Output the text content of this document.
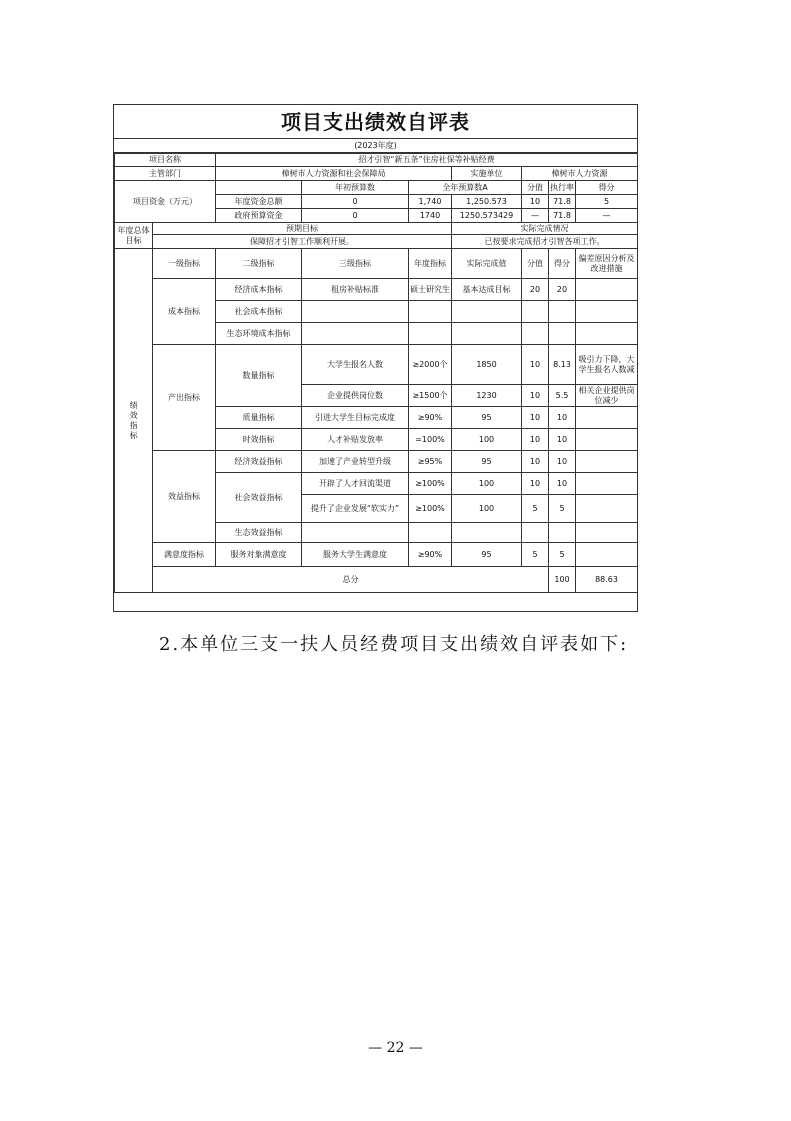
项目支出绩效自评表
(2023年度)
项目名称		招才引智“新五条”住房社保等补贴经费							
主管部门		樟树市人力资源和社会保障局			实施单位	樟树市人力资源			
项目资金（万元）			年初预算数	全年预算数A		分值	执行率	得分	
		年度资金总额	0	1,740	1,250.573	10	71.8	5	
		政府预算资金	0	1740	1250.573429	—	71.8	—	
年度总体目标	预期目标				实际完成情况				
	保障招才引智工作顺利开展。				已按要求完成招才引智各项工作。				
绩效指标	一级指标	二级指标	三级指标	年度指标	实际完成值	分值	得分	偏差原因分析及改进措施	
	成本指标	经济成本指标	租房补贴标准	硕士研究生	基本达成目标	20	20		
		社会成本指标							
		生态环境成本指标							
	产出指标	数量指标	大学生报名人数	≥2000个	1850	10	8.13	吸引力下降，大学生报名人数减	
			企业提供岗位数	≥1500个	1230	10	5.5	相关企业提供岗位减少	
		质量指标	引进大学生目标完成度	≥90%	95	10	10		
		时效指标	人才补贴发放率	=100%	100	10	10		
	效益指标	经济效益指标	加速了产业转型升级	≥95%	95	10	10		
		社会效益指标	开辟了人才回流渠道	≥100%	100	10	10		
			提升了企业发展“软实力”	≥100%	100	5	5		
		生态效益指标							
	满意度指标	服务对象满意度	服务大学生满意度	≥90%	95	5	5		
	总分						100	88.63	
2.本单位三支一扶人员经费项目支出绩效自评表如下:
— 22 —
